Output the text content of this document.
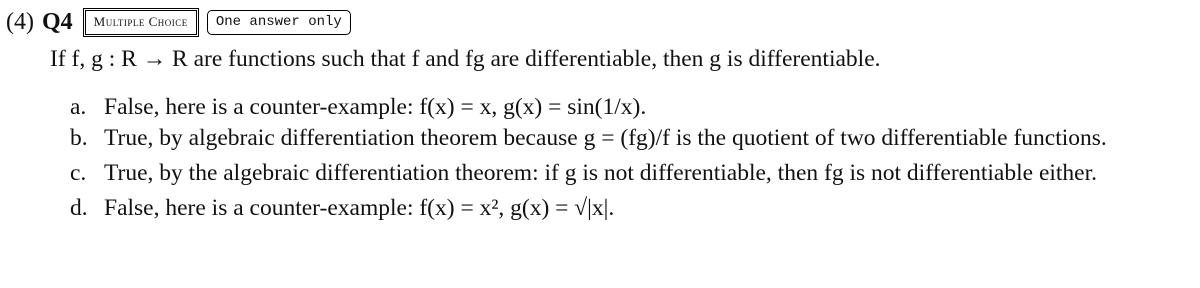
(4) Q4	Multiple Choice	One answer only
If f, g : R → R are functions such that f and fg are differentiable, then g is differentiable.
a. False, here is a counter-example: f(x) = x, g(x) = sin(1/x).
b. True, by algebraic differentiation theorem because g = (fg)/f is the quotient of two differentiable functions.
c. True, by the algebraic differentiation theorem: if g is not differentiable, then fg is not differentiable either.
d. False, here is a counter-example: f(x) = x², g(x) = √|x|.
